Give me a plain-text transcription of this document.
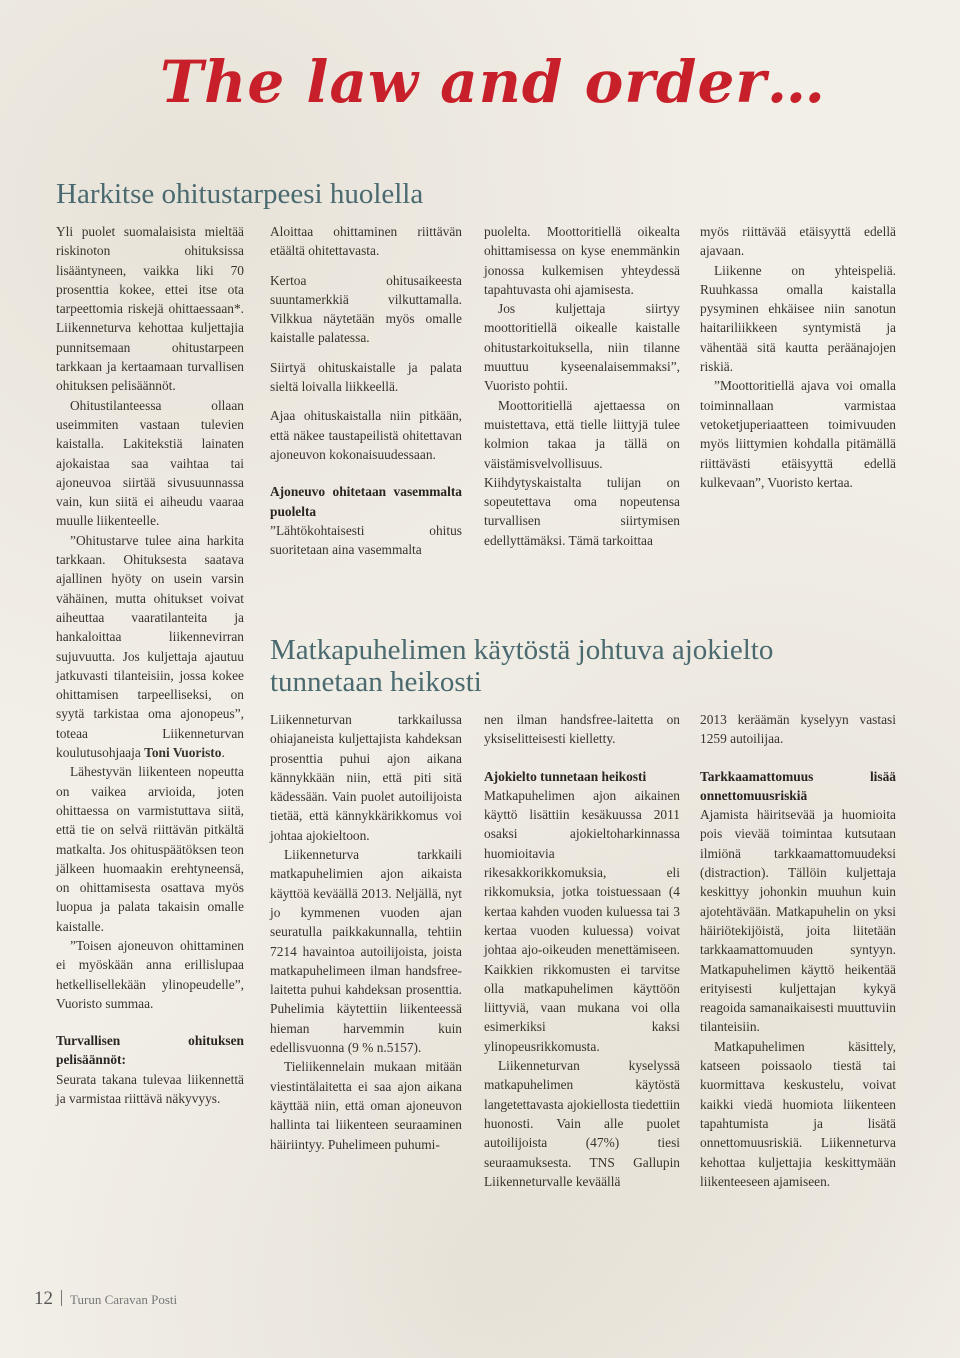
The law and order…
Harkitse ohitustarpeesi huolella

Yli puolet suomalaisista mieltää riskinoton ohituksissa lisääntyneen, vaikka liki 70 prosenttia kokee, ettei itse ota tarpeettomia riskejä ohittaessaan*. Liikenneturva kehottaa kuljettajia punnitsemaan ohitustarpeen tarkkaan ja kertaamaan turvallisen ohituksen pelisäännöt.

Ohitustilanteessa ollaan useimmiten vastaan tulevien kaistalla. Lakitekstiä lainaten ajokaistaa saa vaihtaa tai ajoneuvoa siirtää sivusuunnassa vain, kun siitä ei aiheudu vaaraa muulle liikenteelle.

”Ohitustarve tulee aina harkita tarkkaan. Ohituksesta saatava ajallinen hyöty on usein varsin vähäinen, mutta ohitukset voivat aiheuttaa vaaratilanteita ja hankaloittaa liikennevirran sujuvuutta. Jos kuljettaja ajautuu jatkuvasti tilanteisiin, jossa kokee ohittamisen tarpeelliseksi, on syytä tarkistaa oma ajonopeus”, toteaa Liikenneturvan koulutusohjaaja Toni Vuoristo.

Lähestyvän liikenteen nopeutta on vaikea arvioida, joten ohittaessa on varmistuttava siitä, että tie on selvä riittävän pitkältä matkalta. Jos ohituspäätöksen teon jälkeen huomaakin erehtyneensä, on ohittamisesta osattava myös luopua ja palata takaisin omalle kaistalle.

”Toisen ajoneuvon ohittaminen ei myöskään anna erillislupaa hetkellisellekään ylinopeudelle”, Vuoristo summaa.

Turvallisen ohituksen pelisäännöt:

Seurata takana tulevaa liikennettä ja varmistaa riittävä näkyvyys.

Aloittaa ohittaminen riittävän etäältä ohitettavasta.

Kertoa ohitusaikeesta suuntamerkkiä vilkuttamalla. Vilkkua näytetään myös omalle kaistalle palatessa.

Siirtyä ohituskaistalle ja palata sieltä loivalla liikkeellä.

Ajaa ohituskaistalla niin pitkään, että näkee taustapeilistä ohitettavan ajoneuvon kokonaisuudessaan.

Ajoneuvo ohitetaan vasemmalta puolelta

”Lähtökohtaisesti ohitus suoritetaan aina vasemmalta

puolelta. Moottoritiellä oikealta ohittamisessa on kyse enemmänkin jonossa kulkemisen yhteydessä tapahtuvasta ohi ajamisesta.

Jos kuljettaja siirtyy moottoritiellä oikealle kaistalle ohitustarkoituksella, niin tilanne muuttuu kyseenalaisemmaksi”, Vuoristo pohtii.

Moottoritiellä ajettaessa on muistettava, että tielle liittyjä tulee kolmion takaa ja tällä on väistämisvelvollisuus. Kiihdytyskaistalta tulijan on sopeutettava oma nopeutensa turvallisen siirtymisen edellyttämäksi. Tämä tarkoittaa

myös riittävää etäisyyttä edellä ajavaan.

Liikenne on yhteispeliä. Ruuhkassa omalla kaistalla pysyminen ehkäisee niin sanotun haitariliikkeen syntymistä ja vähentää sitä kautta peräänajojen riskiä.

”Moottoritiellä ajava voi omalla toiminnallaan varmistaa vetoketjuperiaatteen toimivuuden myös liittymien kohdalla pitämällä riittävästi etäisyyttä edellä kulkevaan”, Vuoristo kertaa.

Matkapuhelimen käytöstä johtuva ajokielto tunnetaan heikosti

Liikenneturvan tarkkailussa ohiajaneista kuljettajista kahdeksan prosenttia puhui ajon aikana kännykkään niin, että piti sitä kädessään. Vain puolet autoilijoista tietää, että kännykkärikkomus voi johtaa ajokieltoon.

Liikenneturva tarkkaili matkapuhelimien ajon aikaista käyttöä keväällä 2013. Neljällä, nyt jo kymmenen vuoden ajan seuratulla paikkakunnalla, tehtiin 7214 havaintoa autoilijoista, joista matkapuhelimeen ilman handsfree-laitetta puhui kahdeksan prosenttia. Puhelimia käytettiin liikenteessä hieman harvemmin kuin edellisvuonna (9 % n.5157).

Tieliikennelain mukaan mitään viestintälaitetta ei saa ajon aikana käyttää niin, että oman ajoneuvon hallinta tai liikenteen seuraaminen häiriintyy. Puhelimeen puhumi-

nen ilman handsfree-laitetta on yksiselitteisesti kielletty.

Ajokielto tunnetaan heikosti

Matkapuhelimen ajon aikainen käyttö lisättiin kesäkuussa 2011 osaksi ajokieltoharkinnassa huomioitavia rikesakkorikkomuksia, eli rikkomuksia, jotka toistuessaan (4 kertaa kahden vuoden kuluessa tai 3 kertaa vuoden kuluessa) voivat johtaa ajo-oikeuden menettämiseen. Kaikkien rikkomusten ei tarvitse olla matkapuhelimen käyttöön liittyviä, vaan mukana voi olla esimerkiksi kaksi ylinopeusrikkomusta.

Liikenneturvan kyselyssä matkapuhelimen käytöstä langetettavasta ajokiellosta tiedettiin huonosti. Vain alle puolet autoilijoista (47%) tiesi seuraamuksesta. TNS Gallupin Liikenneturvalle keväällä

2013 keräämän kyselyyn vastasi 1259 autoilijaa.

Tarkkaamattomuus lisää onnettomuusriskiä

Ajamista häiritsevää ja huomioita pois vievää toimintaa kutsutaan ilmiönä tarkkaamattomuudeksi (distraction). Tällöin kuljettaja keskittyy johonkin muuhun kuin ajotehtävään. Matkapuhelin on yksi häiriötekijöistä, joita liitetään tarkkaamattomuuden syntyyn. Matkapuhelimen käyttö heikentää erityisesti kuljettajan kykyä reagoida samanaikaisesti muuttuviin tilanteisiin.

Matkapuhelimen käsittely, katseen poissaolo tiestä tai kuormittava keskustelu, voivat kaikki viedä huomiota liikenteen tapahtumista ja lisätä onnettomuusriskiä. Liikenneturva kehottaa kuljettajia keskittymään liikenteeseen ajamiseen.

12 Turun Caravan Posti
